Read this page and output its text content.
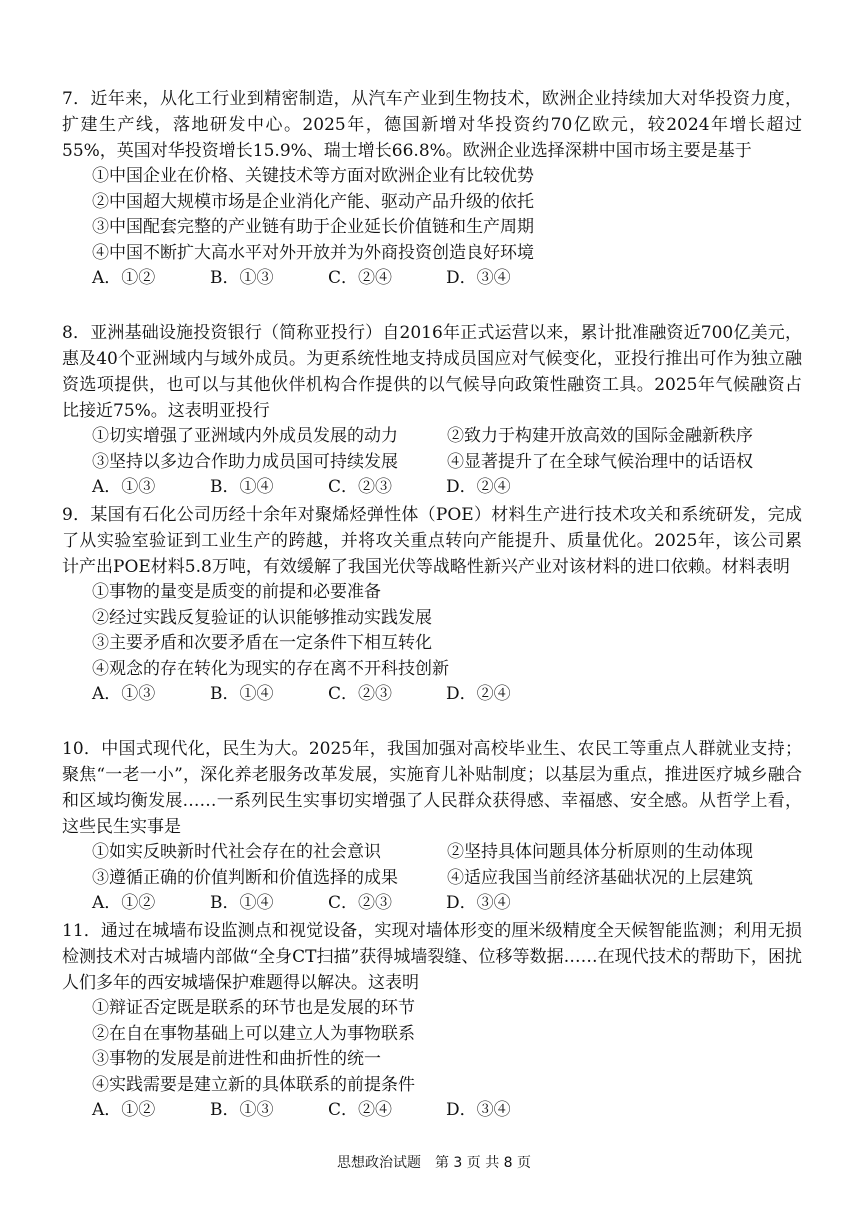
7．近年来，从化工行业到精密制造，从汽车产业到生物技术，欧洲企业持续加大对华投资力度，扩建生产线，落地研发中心。2025年，德国新增对华投资约70亿欧元，较2024年增长超过55%，英国对华投资增长15.9%、瑞士增长66.8%。欧洲企业选择深耕中国市场主要是基于
①中国企业在价格、关键技术等方面对欧洲企业有比较优势
②中国超大规模市场是企业消化产能、驱动产品升级的依托
③中国配套完整的产业链有助于企业延长价值链和生产周期
④中国不断扩大高水平对外开放并为外商投资创造良好环境
A．①②	B．①③	C．②④	D．③④
8．亚洲基础设施投资银行（简称亚投行）自2016年正式运营以来，累计批准融资近700亿美元，惠及40个亚洲域内与域外成员。为更系统性地支持成员国应对气候变化，亚投行推出可作为独立融资选项提供，也可以与其他伙伴机构合作提供的以气候导向政策性融资工具。2025年气候融资占比接近75%。这表明亚投行
①切实增强了亚洲域内外成员发展的动力	②致力于构建开放高效的国际金融新秩序
③坚持以多边合作助力成员国可持续发展	④显著提升了在全球气候治理中的话语权
A．①③	B．①④	C．②③	D．②④
9．某国有石化公司历经十余年对聚烯烃弹性体（POE）材料生产进行技术攻关和系统研发，完成了从实验室验证到工业生产的跨越，并将攻关重点转向产能提升、质量优化。2025年，该公司累计产出POE材料5.8万吨，有效缓解了我国光伏等战略性新兴产业对该材料的进口依赖。材料表明
①事物的量变是质变的前提和必要准备
②经过实践反复验证的认识能够推动实践发展
③主要矛盾和次要矛盾在一定条件下相互转化
④观念的存在转化为现实的存在离不开科技创新
A．①③	B．①④	C．②③	D．②④
10．中国式现代化，民生为大。2025年，我国加强对高校毕业生、农民工等重点人群就业支持；聚焦“一老一小”，深化养老服务改革发展，实施育儿补贴制度；以基层为重点，推进医疗城乡融合和区域均衡发展……一系列民生实事切实增强了人民群众获得感、幸福感、安全感。从哲学上看，这些民生实事是
①如实反映新时代社会存在的社会意识	②坚持具体问题具体分析原则的生动体现
③遵循正确的价值判断和价值选择的成果	④适应我国当前经济基础状况的上层建筑
A．①②	B．①④	C．②③	D．③④
11．通过在城墙布设监测点和视觉设备，实现对墙体形变的厘米级精度全天候智能监测；利用无损检测技术对古城墙内部做“全身CT扫描”获得城墙裂缝、位移等数据……在现代技术的帮助下，困扰人们多年的西安城墙保护难题得以解决。这表明
①辩证否定既是联系的环节也是发展的环节
②在自在事物基础上可以建立人为事物联系
③事物的发展是前进性和曲折性的统一
④实践需要是建立新的具体联系的前提条件
A．①②	B．①③	C．②④	D．③④
思想政治试题　第 3 页 共 8 页
